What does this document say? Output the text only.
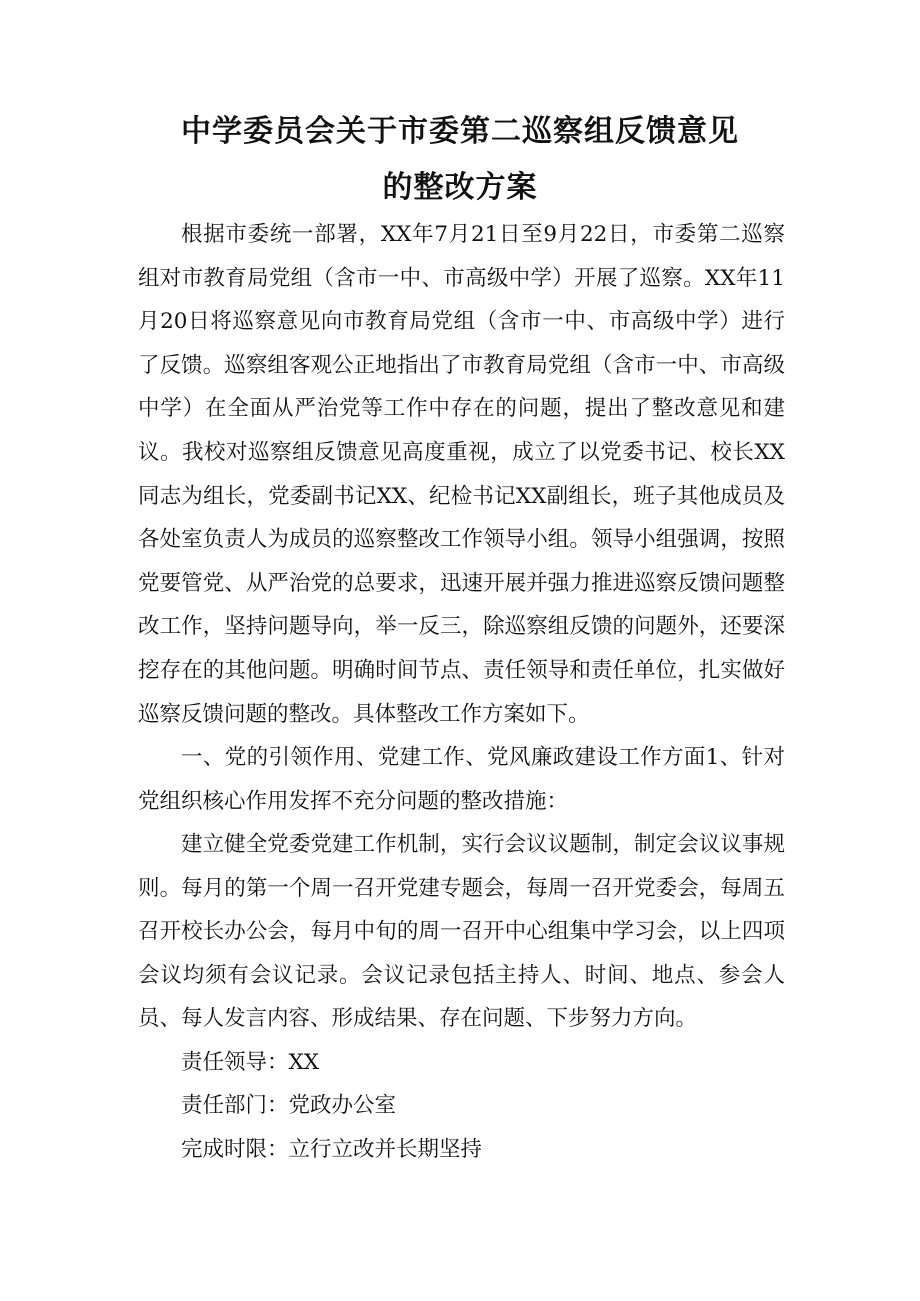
中学委员会关于市委第二巡察组反馈意见
的整改方案

根据市委统一部署，XX年7月21日至9月22日，市委第二巡察组对市教育局党组（含市一中、市高级中学）开展了巡察。XX年11月20日将巡察意见向市教育局党组（含市一中、市高级中学）进行了反馈。巡察组客观公正地指出了市教育局党组（含市一中、市高级中学）在全面从严治党等工作中存在的问题，提出了整改意见和建议。我校对巡察组反馈意见高度重视，成立了以党委书记、校长XX同志为组长，党委副书记XX、纪检书记XX副组长，班子其他成员及各处室负责人为成员的巡察整改工作领导小组。领导小组强调，按照党要管党、从严治党的总要求，迅速开展并强力推进巡察反馈问题整改工作，坚持问题导向，举一反三，除巡察组反馈的问题外，还要深挖存在的其他问题。明确时间节点、责任领导和责任单位，扎实做好巡察反馈问题的整改。具体整改工作方案如下。

一、党的引领作用、党建工作、党风廉政建设工作方面1、针对党组织核心作用发挥不充分问题的整改措施：

建立健全党委党建工作机制，实行会议议题制，制定会议议事规则。每月的第一个周一召开党建专题会，每周一召开党委会，每周五召开校长办公会，每月中旬的周一召开中心组集中学习会，以上四项会议均须有会议记录。会议记录包括主持人、时间、地点、参会人员、每人发言内容、形成结果、存在问题、下步努力方向。

责任领导：XX

责任部门：党政办公室

完成时限：立行立改并长期坚持
